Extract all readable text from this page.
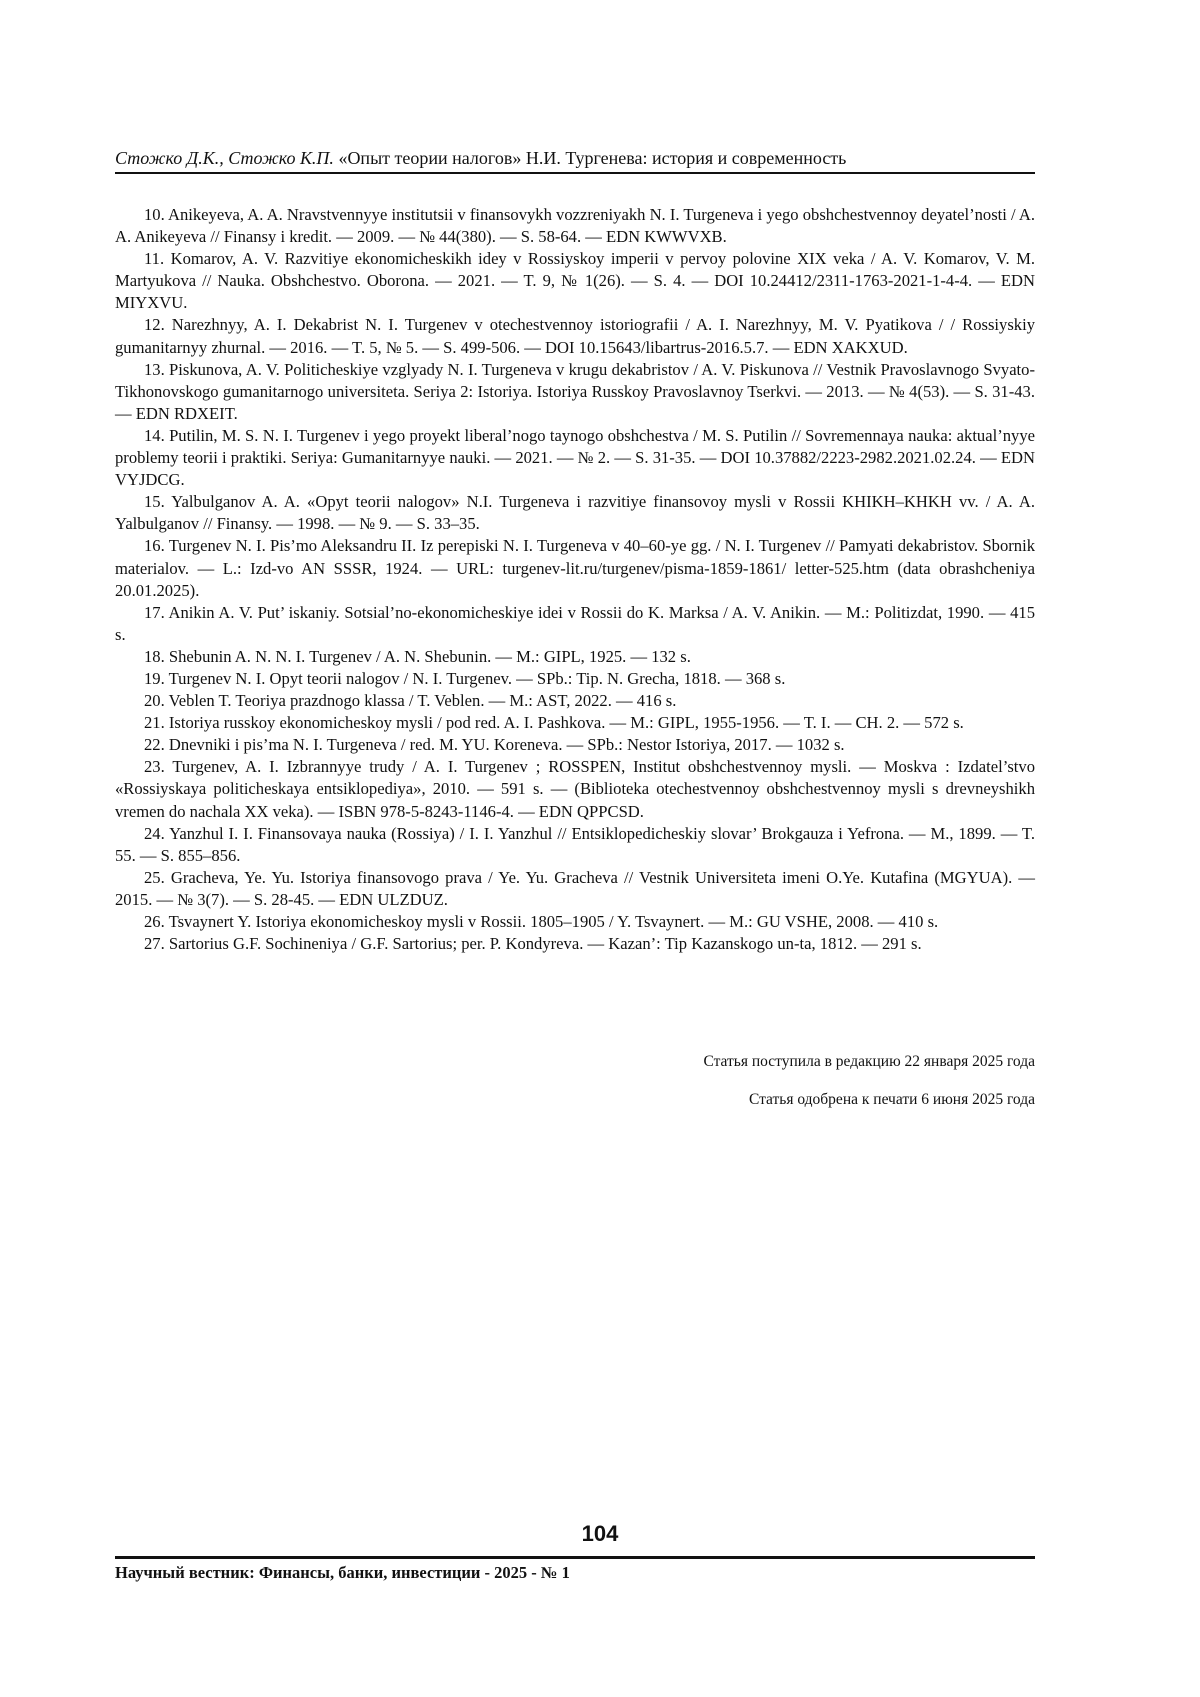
Стожко Д.К., Стожко К.П. «Опыт теории налогов» Н.И. Тургенева: история и современность

10. Anikeyeva, A. A. Nravstvennyye institutsii v finansovykh vozzreniyakh N. I. Turgeneva i yego obshchestvennoy deyatel’nosti / A. A. Anikeyeva // Finansy i kredit. — 2009. — № 44(380). — S. 58-64. — EDN KWWVXB.

11. Komarov, A. V. Razvitiye ekonomicheskikh idey v Rossiyskoy imperii v pervoy polovine XIX veka / A. V. Komarov, V. M. Martyukova // Nauka. Obshchestvo. Oborona. — 2021. — T. 9, № 1(26). — S. 4. — DOI 10.24412/2311-1763-2021-1-4-4. — EDN MIYXVU.

12. Narezhnyy, A. I. Dekabrist N. I. Turgenev v otechestvennoy istoriografii / A. I. Narezhnyy, M. V. Pyatikova / / Rossiyskiy gumanitarnyy zhurnal. — 2016. — T. 5, № 5. — S. 499-506. — DOI 10.15643/libartrus-2016.5.7. — EDN XAKXUD.

13. Piskunova, A. V. Politicheskiye vzglyady N. I. Turgeneva v krugu dekabristov / A. V. Piskunova // Vestnik Pravoslavnogo Svyato-Tikhonovskogo gumanitarnogo universiteta. Seriya 2: Istoriya. Istoriya Russkoy Pravoslavnoy Tserkvi. — 2013. — № 4(53). — S. 31-43. — EDN RDXEIT.

14. Putilin, M. S. N. I. Turgenev i yego proyekt liberal’nogo taynogo obshchestva / M. S. Putilin // Sovremennaya nauka: aktual’nyye problemy teorii i praktiki. Seriya: Gumanitarnyye nauki. — 2021. — № 2. — S. 31-35. — DOI 10.37882/2223-2982.2021.02.24. — EDN VYJDCG.

15. Yalbulganov A. A. «Opyt teorii nalogov» N.I. Turgeneva i razvitiye finansovoy mysli v Rossii KHIKH–KHKH vv. / A. A. Yalbulganov // Finansy. — 1998. — № 9. — S. 33–35.

16. Turgenev N. I. Pis’mo Aleksandru II. Iz perepiski N. I. Turgeneva v 40–60-ye gg. / N. I. Turgenev // Pamyati dekabristov. Sbornik materialov. — L.: Izd-vo AN SSSR, 1924. — URL: turgenev-lit.ru/turgenev/pisma-1859-1861/ letter-525.htm (data obrashcheniya 20.01.2025).

17. Anikin A. V. Put’ iskaniy. Sotsial’no-ekonomicheskiye idei v Rossii do K. Marksa / A. V. Anikin. — M.: Politizdat, 1990. — 415 s.

18. Shebunin A. N. N. I. Turgenev / A. N. Shebunin. — M.: GIPL, 1925. — 132 s.

19. Turgenev N. I. Opyt teorii nalogov / N. I. Turgenev. — SPb.: Tip. N. Grecha, 1818. — 368 s.

20. Veblen T. Teoriya prazdnogo klassa / T. Veblen. — M.: AST, 2022. — 416 s.

21. Istoriya russkoy ekonomicheskoy mysli / pod red. A. I. Pashkova. — M.: GIPL, 1955-1956. — T. I. — CH. 2. — 572 s.

22. Dnevniki i pis’ma N. I. Turgeneva / red. M. YU. Koreneva. — SPb.: Nestor Istoriya, 2017. — 1032 s.

23. Turgenev, A. I. Izbrannyye trudy / A. I. Turgenev ; ROSSPEN, Institut obshchestvennoy mysli. — Moskva : Izdatel’stvo «Rossiyskaya politicheskaya entsiklopediya», 2010. — 591 s. — (Biblioteka otechestvennoy obshchestvennoy mysli s drevneyshikh vremen do nachala XX veka). — ISBN 978-5-8243-1146-4. — EDN QPPCSD.

24. Yanzhul I. I. Finansovaya nauka (Rossiya) / I. I. Yanzhul // Entsiklopedicheskiy slovar’ Brokgauza i Yefrona. — M., 1899. — T. 55. — S. 855–856.

25. Gracheva, Ye. Yu. Istoriya finansovogo prava / Ye. Yu. Gracheva // Vestnik Universiteta imeni O.Ye. Kutafina (MGYUA). — 2015. — № 3(7). — S. 28-45. — EDN ULZDUZ.

26. Tsvaynert Y. Istoriya ekonomicheskoy mysli v Rossii. 1805–1905 / Y. Tsvaynert. — M.: GU VSHE, 2008. — 410 s.

27. Sartorius G.F. Sochineniya / G.F. Sartorius; per. P. Kondyreva. — Kazan’: Tip Kazanskogo un-ta, 1812. — 291 s.

Статья поступила в редакцию 22 января 2025 года
Статья одобрена к печати 6 июня 2025 года
104
Научный вестник: Финансы, банки, инвестиции - 2025 - № 1
